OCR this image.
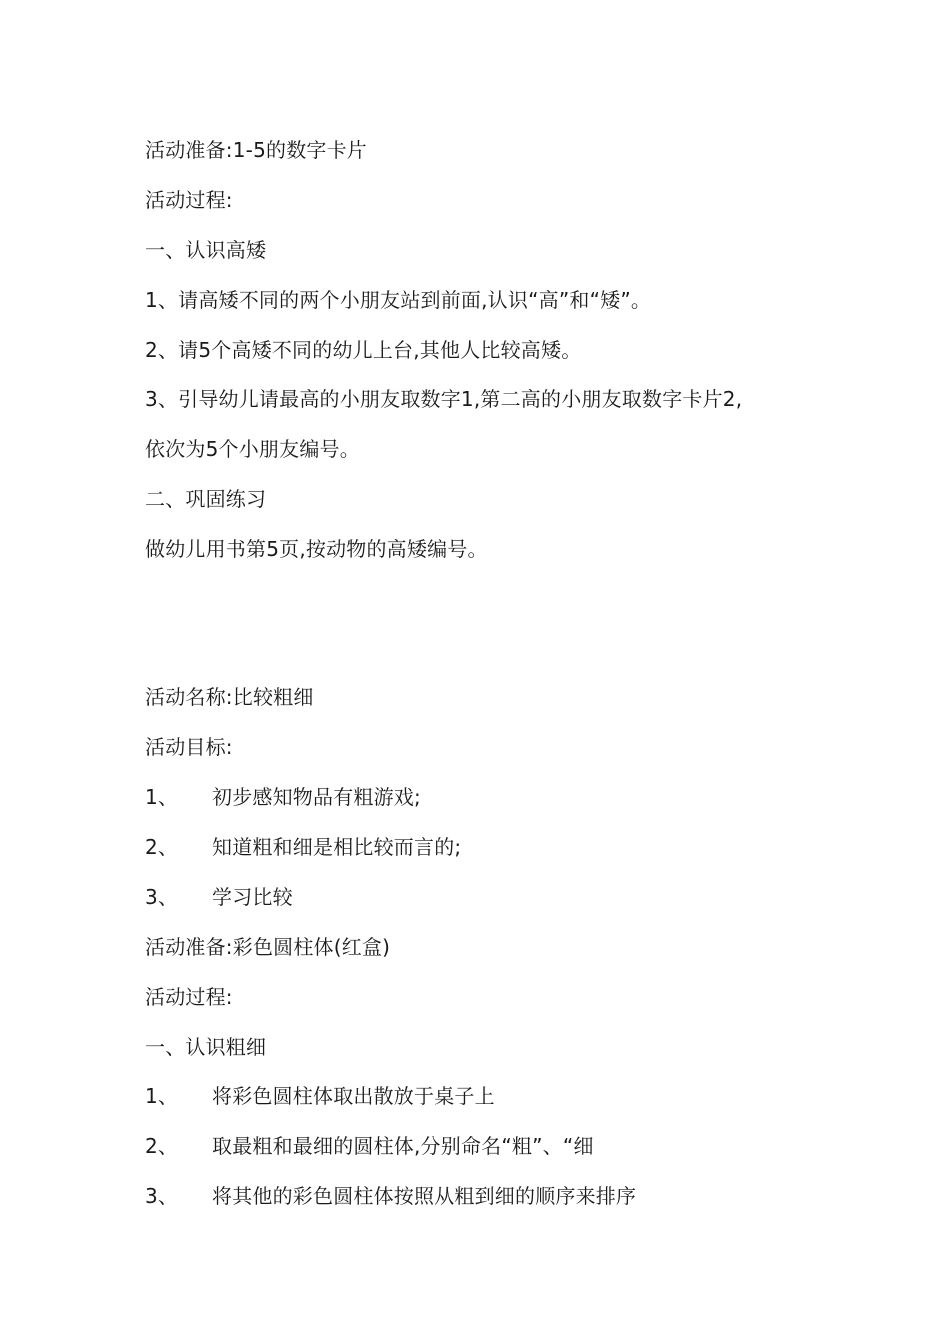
活动准备:1-5的数字卡片
活动过程:
一、认识高矮
1、请高矮不同的两个小朋友站到前面,认识“高”和“矮”。
2、请5个高矮不同的幼儿上台,其他人比较高矮。
3、引导幼儿请最高的小朋友取数字1,第二高的小朋友取数字卡片2,
依次为5个小朋友编号。
二、巩固练习
做幼儿用书第5页,按动物的高矮编号。
活动名称:比较粗细
活动目标:
1、 初步感知物品有粗游戏;
2、 知道粗和细是相比较而言的;
3、 学习比较
活动准备:彩色圆柱体(红盒)
活动过程:
一、认识粗细
1、 将彩色圆柱体取出散放于桌子上
2、 取最粗和最细的圆柱体,分别命名“粗”、“细
3、 将其他的彩色圆柱体按照从粗到细的顺序来排序
